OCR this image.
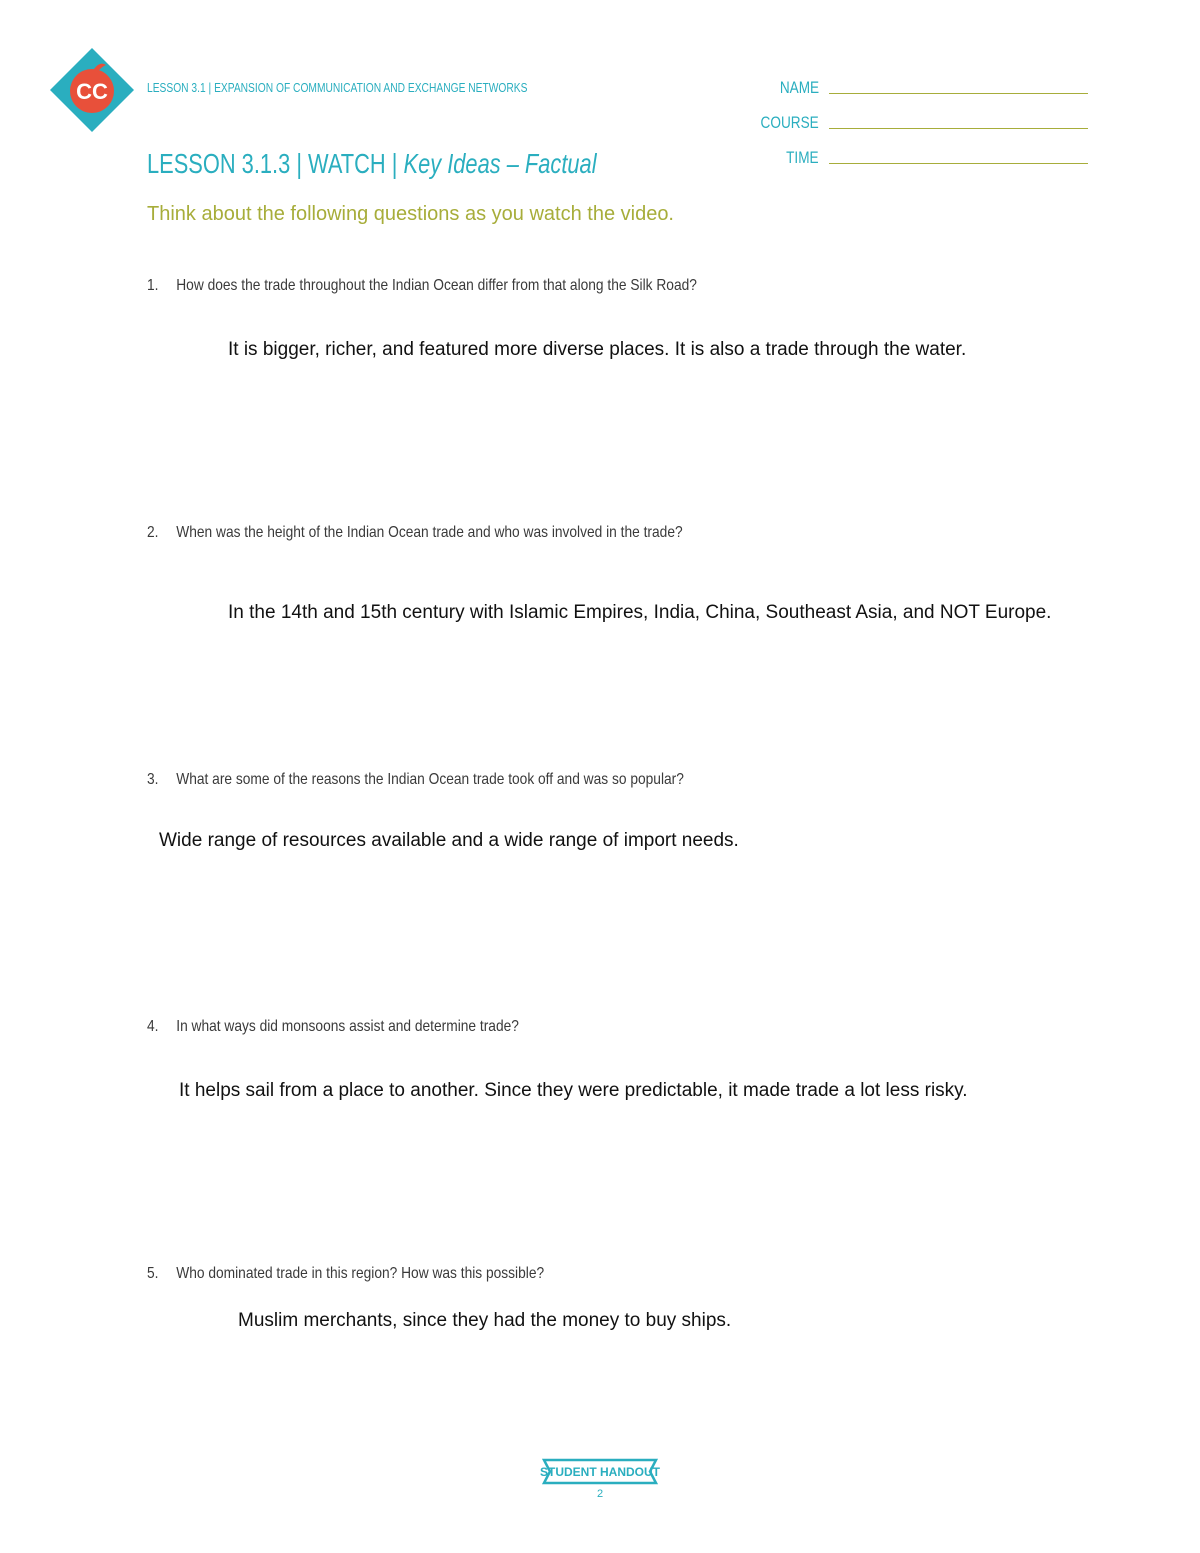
CC	LESSON 3.1 | EXPANSION OF COMMUNICATION AND EXCHANGE NETWORKS
LESSON 3.1.3 | WATCH | Key Ideas – Factual
Think about the following questions as you watch the video.
NAME
COURSE
TIME
1. How does the trade throughout the Indian Ocean differ from that along the Silk Road?
It is bigger, richer, and featured more diverse places. It is also a trade through the water.
2. When was the height of the Indian Ocean trade and who was involved in the trade?
In the 14th and 15th century with Islamic Empires, India, China, Southeast Asia, and NOT Europe.
3. What are some of the reasons the Indian Ocean trade took off and was so popular?
Wide range of resources available and a wide range of import needs.
4. In what ways did monsoons assist and determine trade?
It helps sail from a place to another. Since they were predictable, it made trade a lot less risky.
5. Who dominated trade in this region? How was this possible?
Muslim merchants, since they had the money to buy ships.
STUDENT HANDOUT
2
